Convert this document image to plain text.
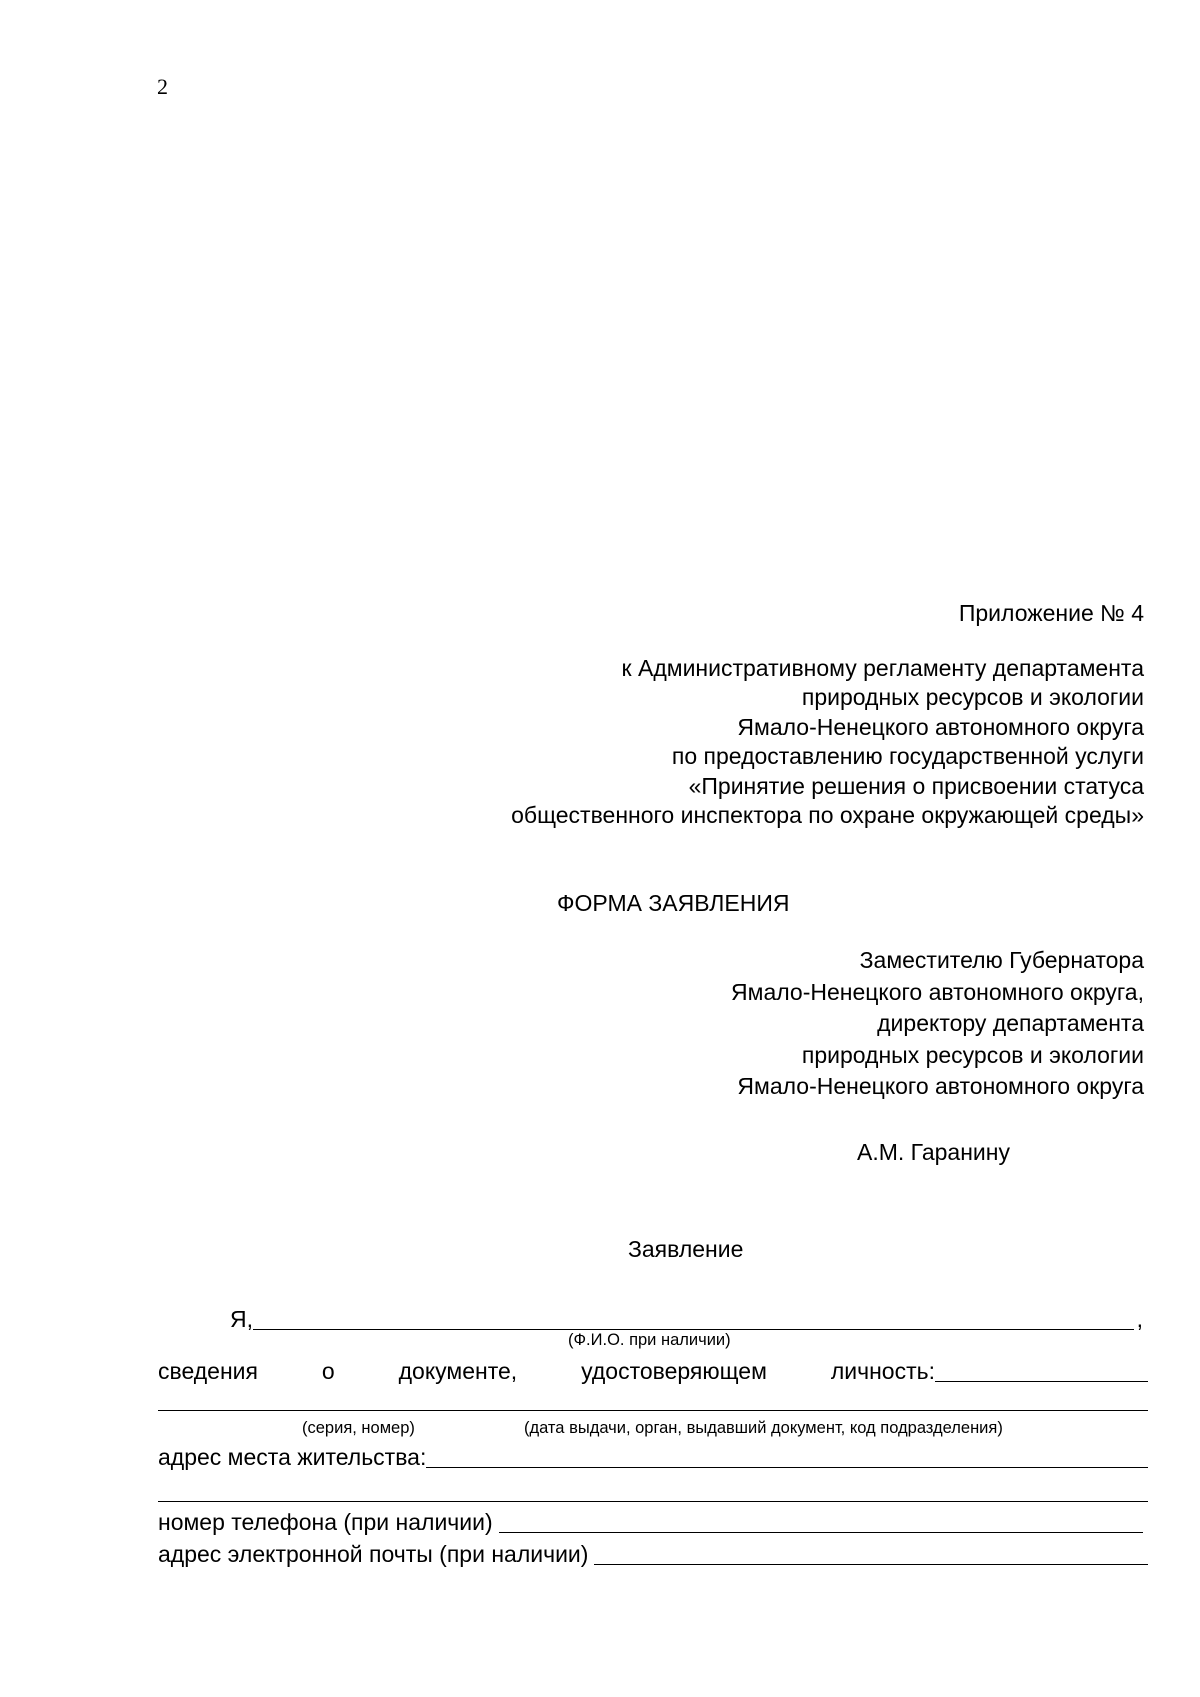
2
Приложение № 4
к Административному регламенту департамента
природных ресурсов и экологии
Ямало-Ненецкого автономного округа
по предоставлению государственной услуги
«Принятие решения о присвоении статуса
общественного инспектора по охране окружающей среды»
ФОРМА ЗАЯВЛЕНИЯ
Заместителю Губернатора
Ямало-Ненецкого автономного округа,
директору департамента
природных ресурсов и экологии
Ямало-Ненецкого автономного округа
А.М. Гаранину
Заявление
Я,	,
(Ф.И.О. при наличии)
сведения	о	документе,	удостоверяющем	личность:
(серия, номер)	(дата выдачи, орган, выдавший документ, код подразделения)
адрес места жительства:
номер телефона (при наличии)
адрес электронной почты (при наличии)
